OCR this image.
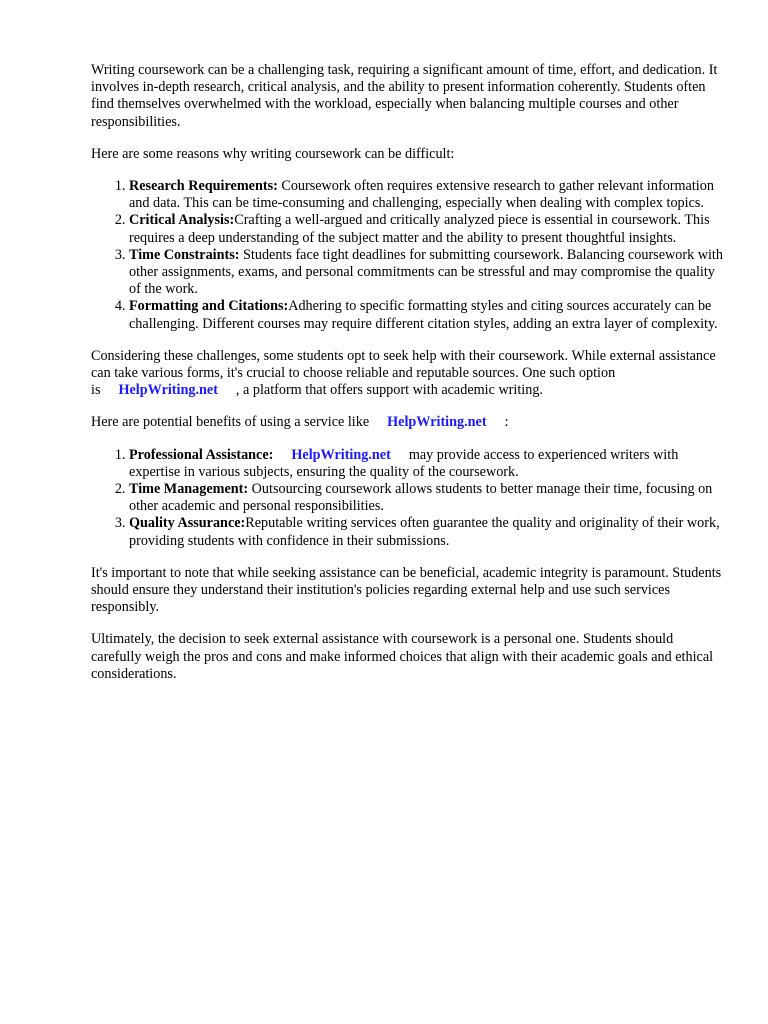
Writing coursework can be a challenging task, requiring a significant amount of time, effort, and dedication. It involves in-depth research, critical analysis, and the ability to present information coherently. Students often find themselves overwhelmed with the workload, especially when balancing multiple courses and other responsibilities.

Here are some reasons why writing coursework can be difficult:

1. Research Requirements: Coursework often requires extensive research to gather relevant information and data. This can be time-consuming and challenging, especially when dealing with complex topics.
2. Critical Analysis:Crafting a well-argued and critically analyzed piece is essential in coursework. This requires a deep understanding of the subject matter and the ability to present thoughtful insights.
3. Time Constraints: Students face tight deadlines for submitting coursework. Balancing coursework with other assignments, exams, and personal commitments can be stressful and may compromise the quality of the work.
4. Formatting and Citations:Adhering to specific formatting styles and citing sources accurately can be challenging. Different courses may require different citation styles, adding an extra layer of complexity.

Considering these challenges, some students opt to seek help with their coursework. While external assistance can take various forms, it's crucial to choose reliable and reputable sources. One such option is HelpWriting.net , a platform that offers support with academic writing.

Here are potential benefits of using a service like HelpWriting.net :

1. Professional Assistance: HelpWriting.net may provide access to experienced writers with expertise in various subjects, ensuring the quality of the coursework.
2. Time Management: Outsourcing coursework allows students to better manage their time, focusing on other academic and personal responsibilities.
3. Quality Assurance:Reputable writing services often guarantee the quality and originality of their work, providing students with confidence in their submissions.

It's important to note that while seeking assistance can be beneficial, academic integrity is paramount. Students should ensure they understand their institution's policies regarding external help and use such services responsibly.

Ultimately, the decision to seek external assistance with coursework is a personal one. Students should carefully weigh the pros and cons and make informed choices that align with their academic goals and ethical considerations.
